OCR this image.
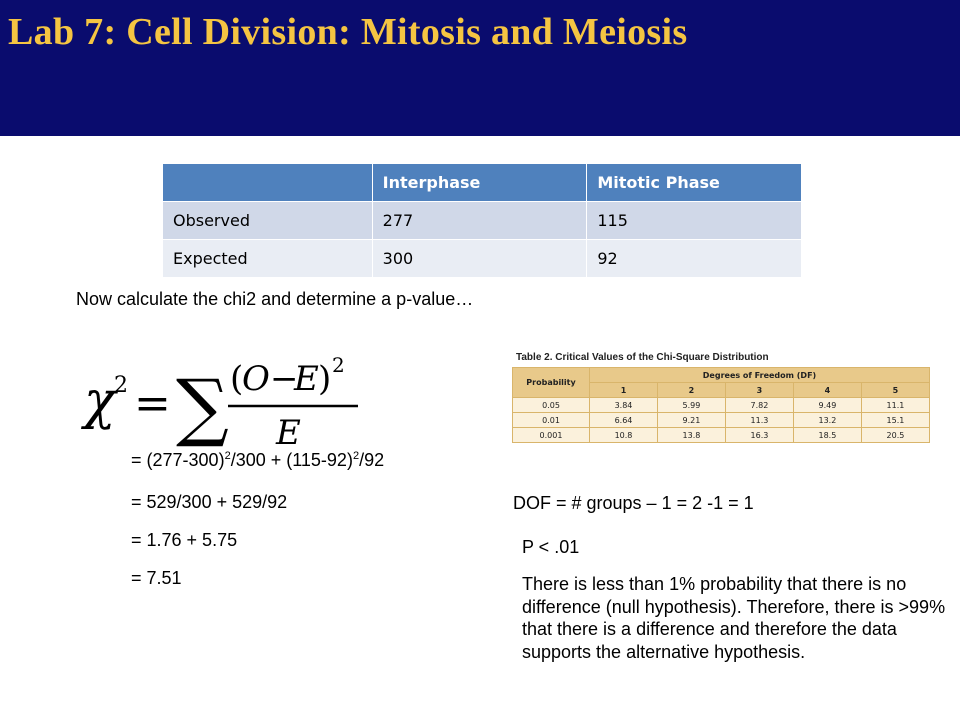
Lab 7: Cell Division: Mitosis and Meiosis
	Interphase	Mitotic Phase
Observed	277	115
Expected	300	92
Now calculate the chi2 and determine a p-value…
χ
2 = ∑ (
O −
E ) 2
E
= $(277-300)^2/300 + (115-92)^2/92$
= 529/300 + 529/92
= 1.76 + 5.75
= 7.51
Table 2. Critical Values of the Chi-Square Distribution
Probability	Degrees of Freedom (DF)				
	1	2	3	4	5
0.05	3.84	5.99	7.82	9.49	11.1
0.01	6.64	9.21	11.3	13.2	15.1
0.001	10.8	13.8	16.3	18.5	20.5
DOF = # groups – 1 = 2 -1 = 1
P < .01
There is less than 1% probability that there is no difference (null hypothesis). Therefore, there is >99% that there is a difference and therefore the data supports the alternative hypothesis.
